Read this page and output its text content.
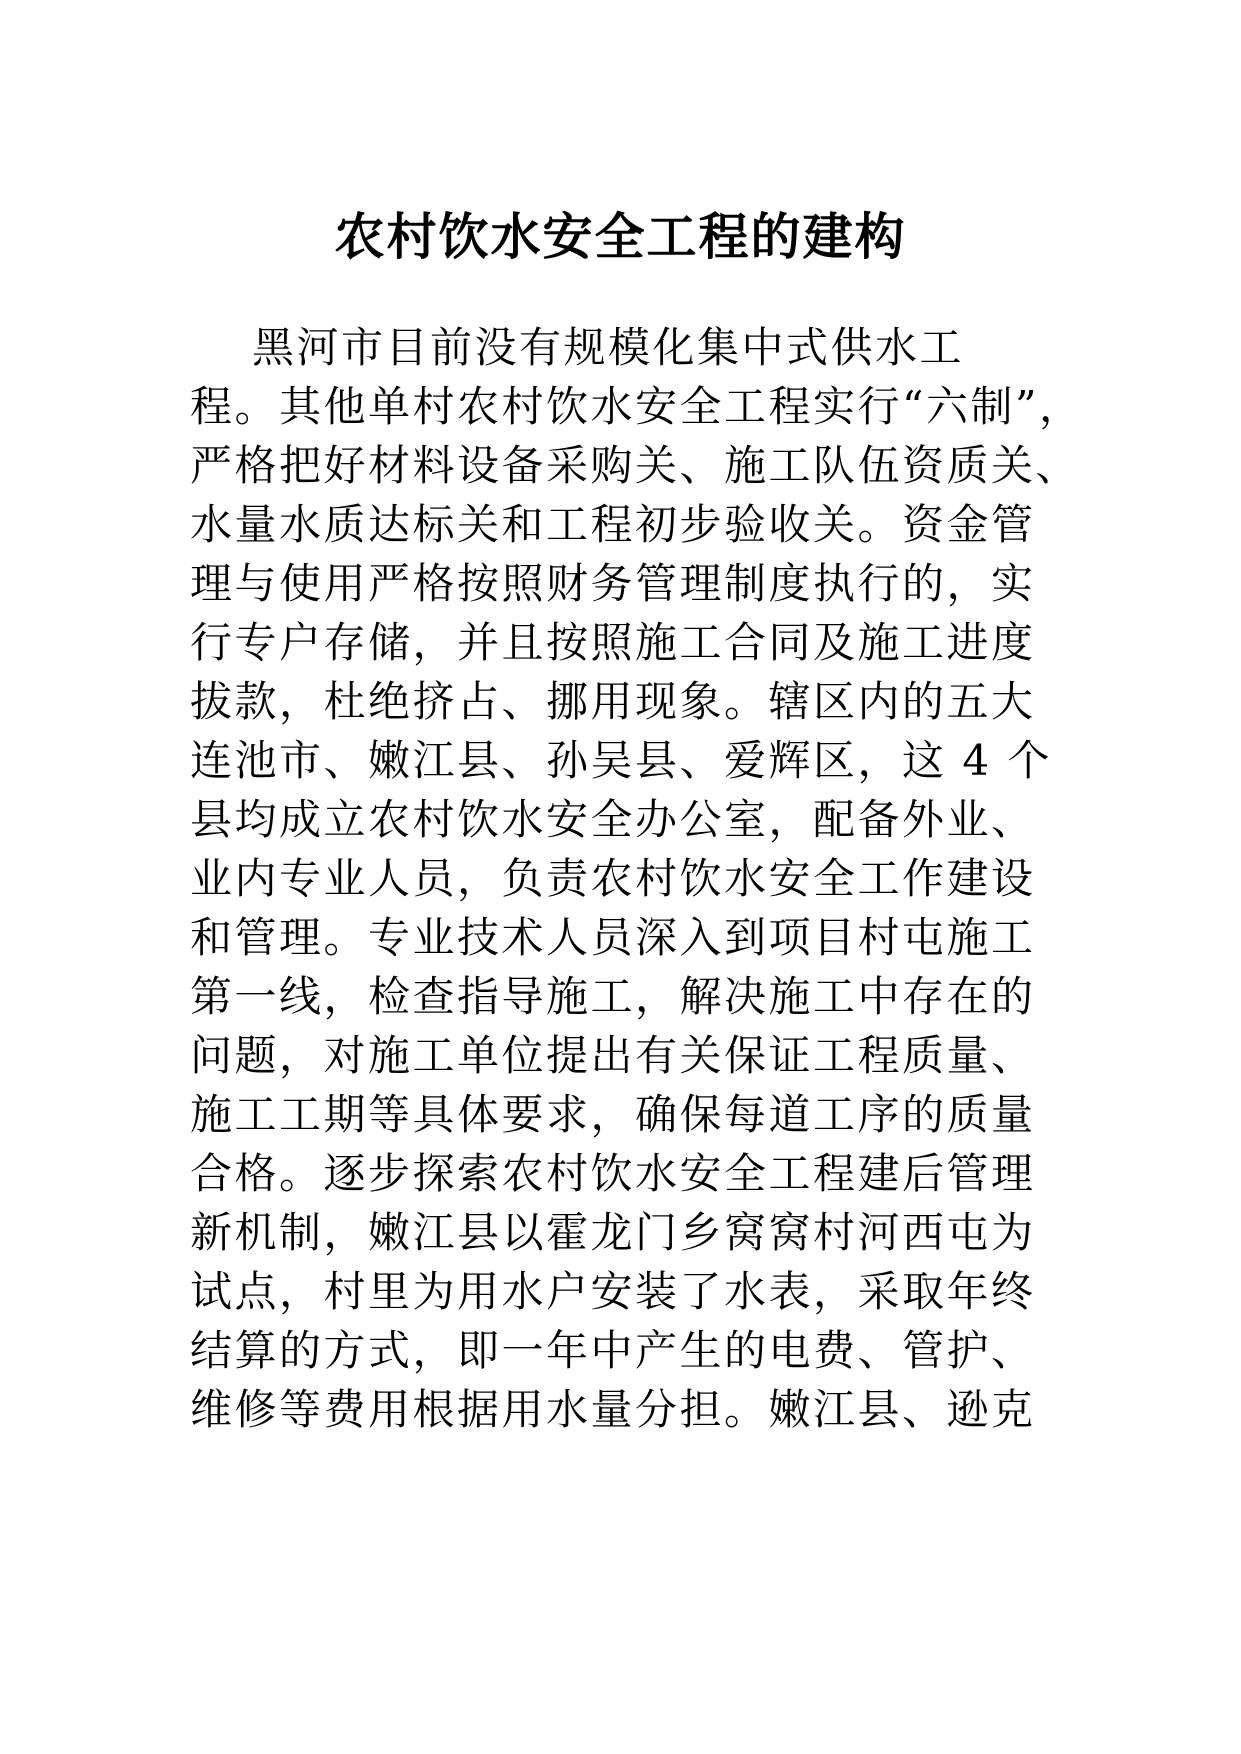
农村饮水安全工程的建构
黑河市目前没有规模化集中式供水工
程。其他单村农村饮水安全工程实行“六制”，
严格把好材料设备采购关、施工队伍资质关、
水量水质达标关和工程初步验收关。资金管
理与使用严格按照财务管理制度执行的，实
行专户存储，并且按照施工合同及施工进度
拔款，杜绝挤占、挪用现象。辖区内的五大
连池市、嫩江县、孙吴县、爱辉区，这 4 个
县均成立农村饮水安全办公室，配备外业、
业内专业人员，负责农村饮水安全工作建设
和管理。专业技术人员深入到项目村屯施工
第一线，检查指导施工，解决施工中存在的
问题，对施工单位提出有关保证工程质量、
施工工期等具体要求，确保每道工序的质量
合格。逐步探索农村饮水安全工程建后管理
新机制，嫩江县以霍龙门乡窝窝村河西屯为
试点，村里为用水户安装了水表，采取年终
结算的方式，即一年中产生的电费、管护、
维修等费用根据用水量分担。嫩江县、逊克
